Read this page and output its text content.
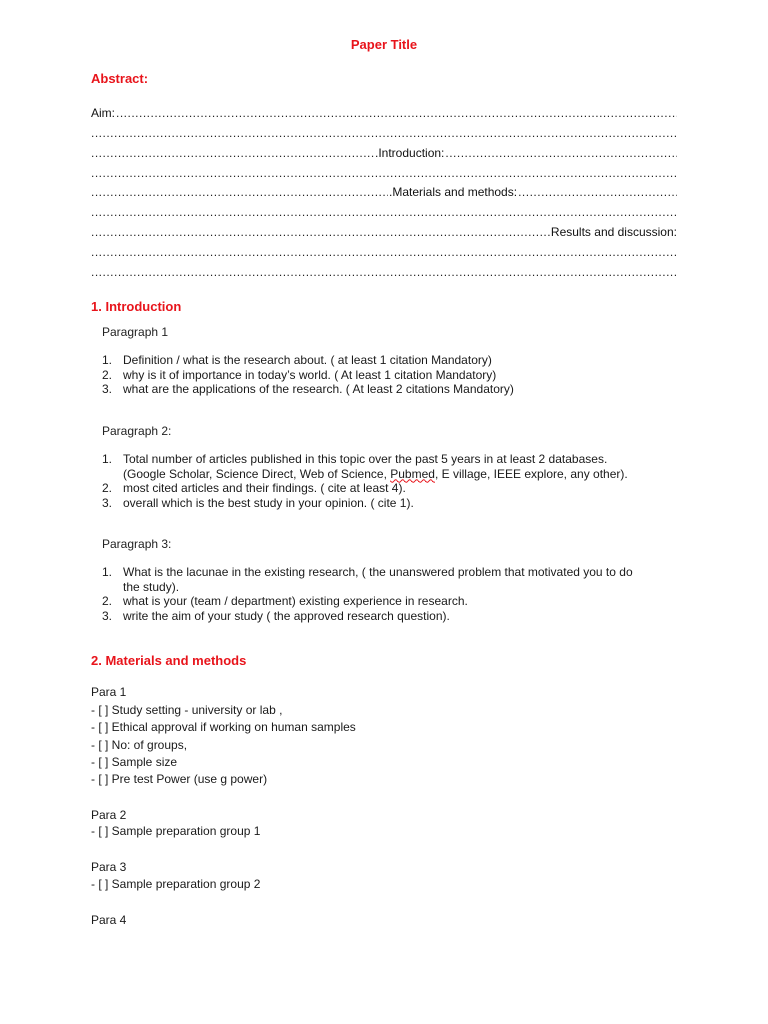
Paper Title
Abstract:
Aim:
.....
.....
.....
.Introduction:
.....
.....
.....
.Materials and methods:
.....
.....
.....
Results and discussion:
.....
.....
1. Introduction
Paragraph 1
1. Definition / what is the research about. ( at least 1 citation Mandatory)
2. why is it of importance in today’s world. ( At least 1 citation Mandatory)
3. what are the applications of the research. ( At least 2 citations Mandatory)
Paragraph 2:
1. Total number of articles published in this topic over the past 5 years in at least 2 databases. (Google Scholar, Science Direct, Web of Science, Pubmed, E village, IEEE explore, any other).
2. most cited articles and their findings. ( cite at least 4).
3. overall which is the best study in your opinion. ( cite 1).
Paragraph 3:
1. What is the lacunae in the existing research, ( the unanswered problem that motivated you to do the study).
2. what is your (team / department) existing experience in research.
3. write the aim of your study ( the approved research question).
2. Materials and methods
Para 1
- [ ] Study setting - university or lab ,
- [ ] Ethical approval if working on human samples
- [ ] No: of groups,
- [ ] Sample size
- [ ] Pre test Power (use g power)
Para 2
- [ ] Sample preparation group 1
Para 3
- [ ] Sample preparation group 2
Para 4
